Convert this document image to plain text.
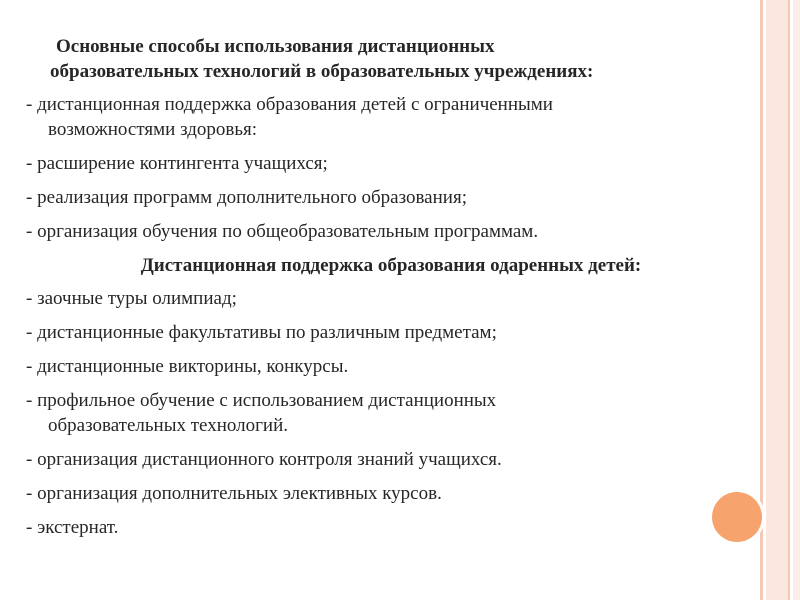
Основные способы использования дистанционных
образовательных технологий в образовательных учреждениях:
- дистанционная поддержка образования детей с ограниченными
возможностями здоровья:
- расширение контингента учащихся;
- реализация программ дополнительного образования;
- организация обучения по общеобразовательным программам.
Дистанционная поддержка образования одаренных детей:
- заочные туры олимпиад;
- дистанционные факультативы по различным предметам;
- дистанционные викторины, конкурсы.
- профильное обучение с использованием дистанционных
образовательных технологий.
- организация дистанционного контроля знаний учащихся.
- организация дополнительных элективных курсов.
- экстернат.
